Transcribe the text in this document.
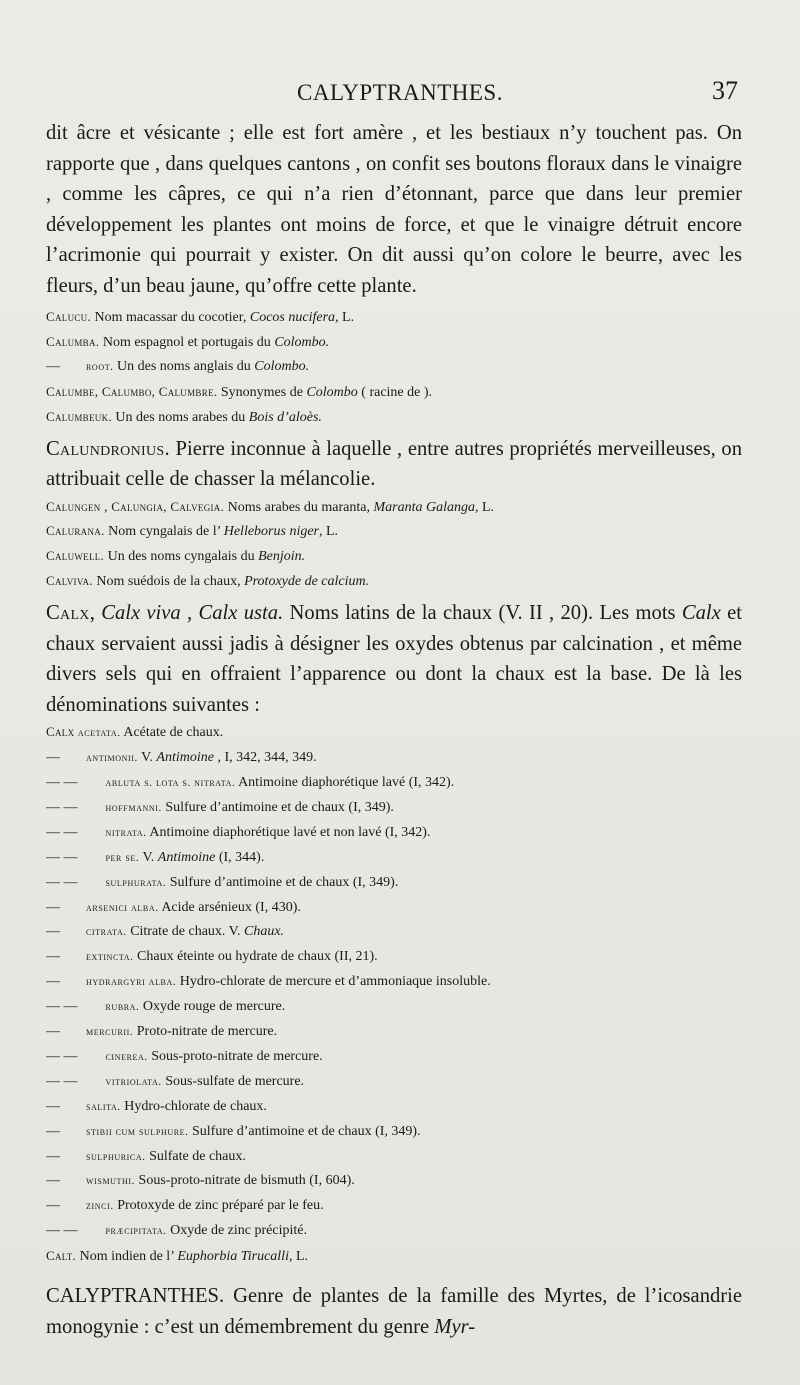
CALYPTRANTHES.	37

dit âcre et vésicante ; elle est fort amère , et les bestiaux n’y touchent pas. On rapporte que , dans quelques cantons , on confit ses boutons floraux dans le vinaigre , comme les câpres, ce qui n’a rien d’étonnant, parce que dans leur premier développement les plantes ont moins de force, et que le vinaigre détruit encore l’acrimonie qui pourrait y exister. On dit aussi qu’on colore le beurre, avec les fleurs, d’un beau jaune, qu’offre cette plante.

Calucu. Nom macassar du cocotier, Cocos nucifera, L.

Calumba. Nom espagnol et portugais du Colombo.

— root. Un des noms anglais du Colombo.

Calumbe, Calumbo, Calumbre. Synonymes de Colombo ( racine de ).

Calumbeuk. Un des noms arabes du Bois d’aloès.

Calundronius. Pierre inconnue à laquelle , entre autres propriétés merveilleuses, on attribuait celle de chasser la mélancolie.

Calungen , Calungia, Calvegia. Noms arabes du maranta, Maranta Galanga, L.

Calurana. Nom cyngalais de l’ Helleborus niger, L.

Caluwell. Un des noms cyngalais du Benjoin.

Calviva. Nom suédois de la chaux, Protoxyde de calcium.

Calx, Calx viva , Calx usta. Noms latins de la chaux (V. II , 20). Les mots Calx et chaux servaient aussi jadis à désigner les oxydes obtenus par calcination , et même divers sels qui en offraient l’apparence ou dont la chaux est la base. De là les dénominations suivantes :

Calx acetata. Acétate de chaux.

— antimonii. V. Antimoine , I, 342, 344, 349.

— —	abluta s. lota s. nitrata. Antimoine diaphorétique lavé (I, 342).

— —	hoffmanni. Sulfure d’antimoine et de chaux (I, 349).

— —	nitrata. Antimoine diaphorétique lavé et non lavé (I, 342).

— —	per se. V. Antimoine (I, 344).

— —	sulphurata. Sulfure d’antimoine et de chaux (I, 349).

— arsenici alba. Acide arsénieux (I, 430).

— citrata. Citrate de chaux. V. Chaux.

— extincta. Chaux éteinte ou hydrate de chaux (II, 21).

— hydrargyri alba. Hydro-chlorate de mercure et d’ammoniaque insoluble.

— —	rubra. Oxyde rouge de mercure.

— mercurii. Proto-nitrate de mercure.

— —	cinerea. Sous-proto-nitrate de mercure.

— —	vitriolata. Sous-sulfate de mercure.

— salita. Hydro-chlorate de chaux.

— stibii cum sulphure. Sulfure d’antimoine et de chaux (I, 349).

— sulphurica. Sulfate de chaux.

— wismuthi. Sous-proto-nitrate de bismuth (I, 604).

— zinci. Protoxyde de zinc préparé par le feu.

— —	præcipitata. Oxyde de zinc précipité.

Calt. Nom indien de l’ Euphorbia Tirucalli, L.

CALYPTRANTHES. Genre de plantes de la famille des Myrtes, de l’icosandrie monogynie : c’est un démembrement du genre Myr-
